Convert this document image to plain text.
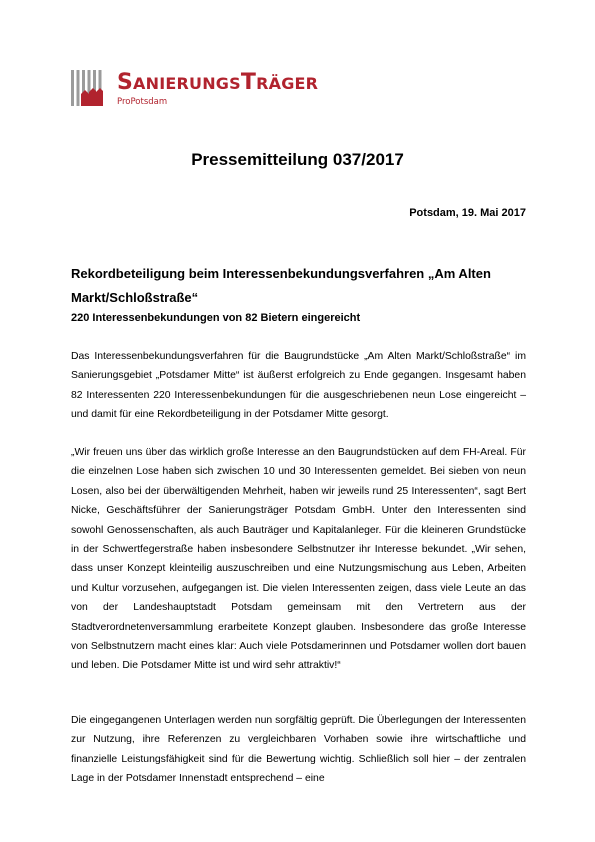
SANIERUNGSTRÄGER
ProPotsdam
Pressemitteilung 037/2017
Potsdam, 19. Mai 2017
Rekordbeteiligung beim Interessenbekundungsverfahren „Am Alten Markt/Schloßstraße“
220 Interessenbekundungen von 82 Bietern eingereicht

Das Interessenbekundungsverfahren für die Baugrundstücke „Am Alten Markt/Schloßstraße“ im Sanierungsgebiet „Potsdamer Mitte“ ist äußerst erfolgreich zu Ende gegangen. Insgesamt haben 82 Interessenten 220 Interessenbekundungen für die ausgeschriebenen neun Lose eingereicht – und damit für eine Rekordbeteiligung in der Potsdamer Mitte gesorgt.

„Wir freuen uns über das wirklich große Interesse an den Baugrundstücken auf dem FH-Areal. Für die einzelnen Lose haben sich zwischen 10 und 30 Interessenten gemeldet. Bei sieben von neun Losen, also bei der überwältigenden Mehrheit, haben wir jeweils rund 25 Interessenten“, sagt Bert Nicke, Geschäftsführer der Sanierungsträger Potsdam GmbH. Unter den Interessenten sind sowohl Genossenschaften, als auch Bauträger und Kapitalanleger. Für die kleineren Grundstücke in der Schwertfegerstraße haben insbesondere Selbstnutzer ihr Interesse bekundet. „Wir sehen, dass unser Konzept kleinteilig auszuschreiben und eine Nutzungsmischung aus Leben, Arbeiten und Kultur vorzusehen, aufgegangen ist. Die vielen Interessenten zeigen, dass viele Leute an das von der Landeshauptstadt Potsdam gemeinsam mit den Vertretern aus der Stadtverordnetenversammlung erarbeitete Konzept glauben. Insbesondere das große Interesse von Selbstnutzern macht eines klar: Auch viele Potsdamerinnen und Potsdamer wollen dort bauen und leben. Die Potsdamer Mitte ist und wird sehr attraktiv!“

Die eingegangenen Unterlagen werden nun sorgfältig geprüft. Die Überlegungen der Interessenten zur Nutzung, ihre Referenzen zu vergleichbaren Vorhaben sowie ihre wirtschaftliche und finanzielle Leistungsfähigkeit sind für die Bewertung wichtig. Schließlich soll hier – der zentralen Lage in der Potsdamer Innenstadt entsprechend – eine
